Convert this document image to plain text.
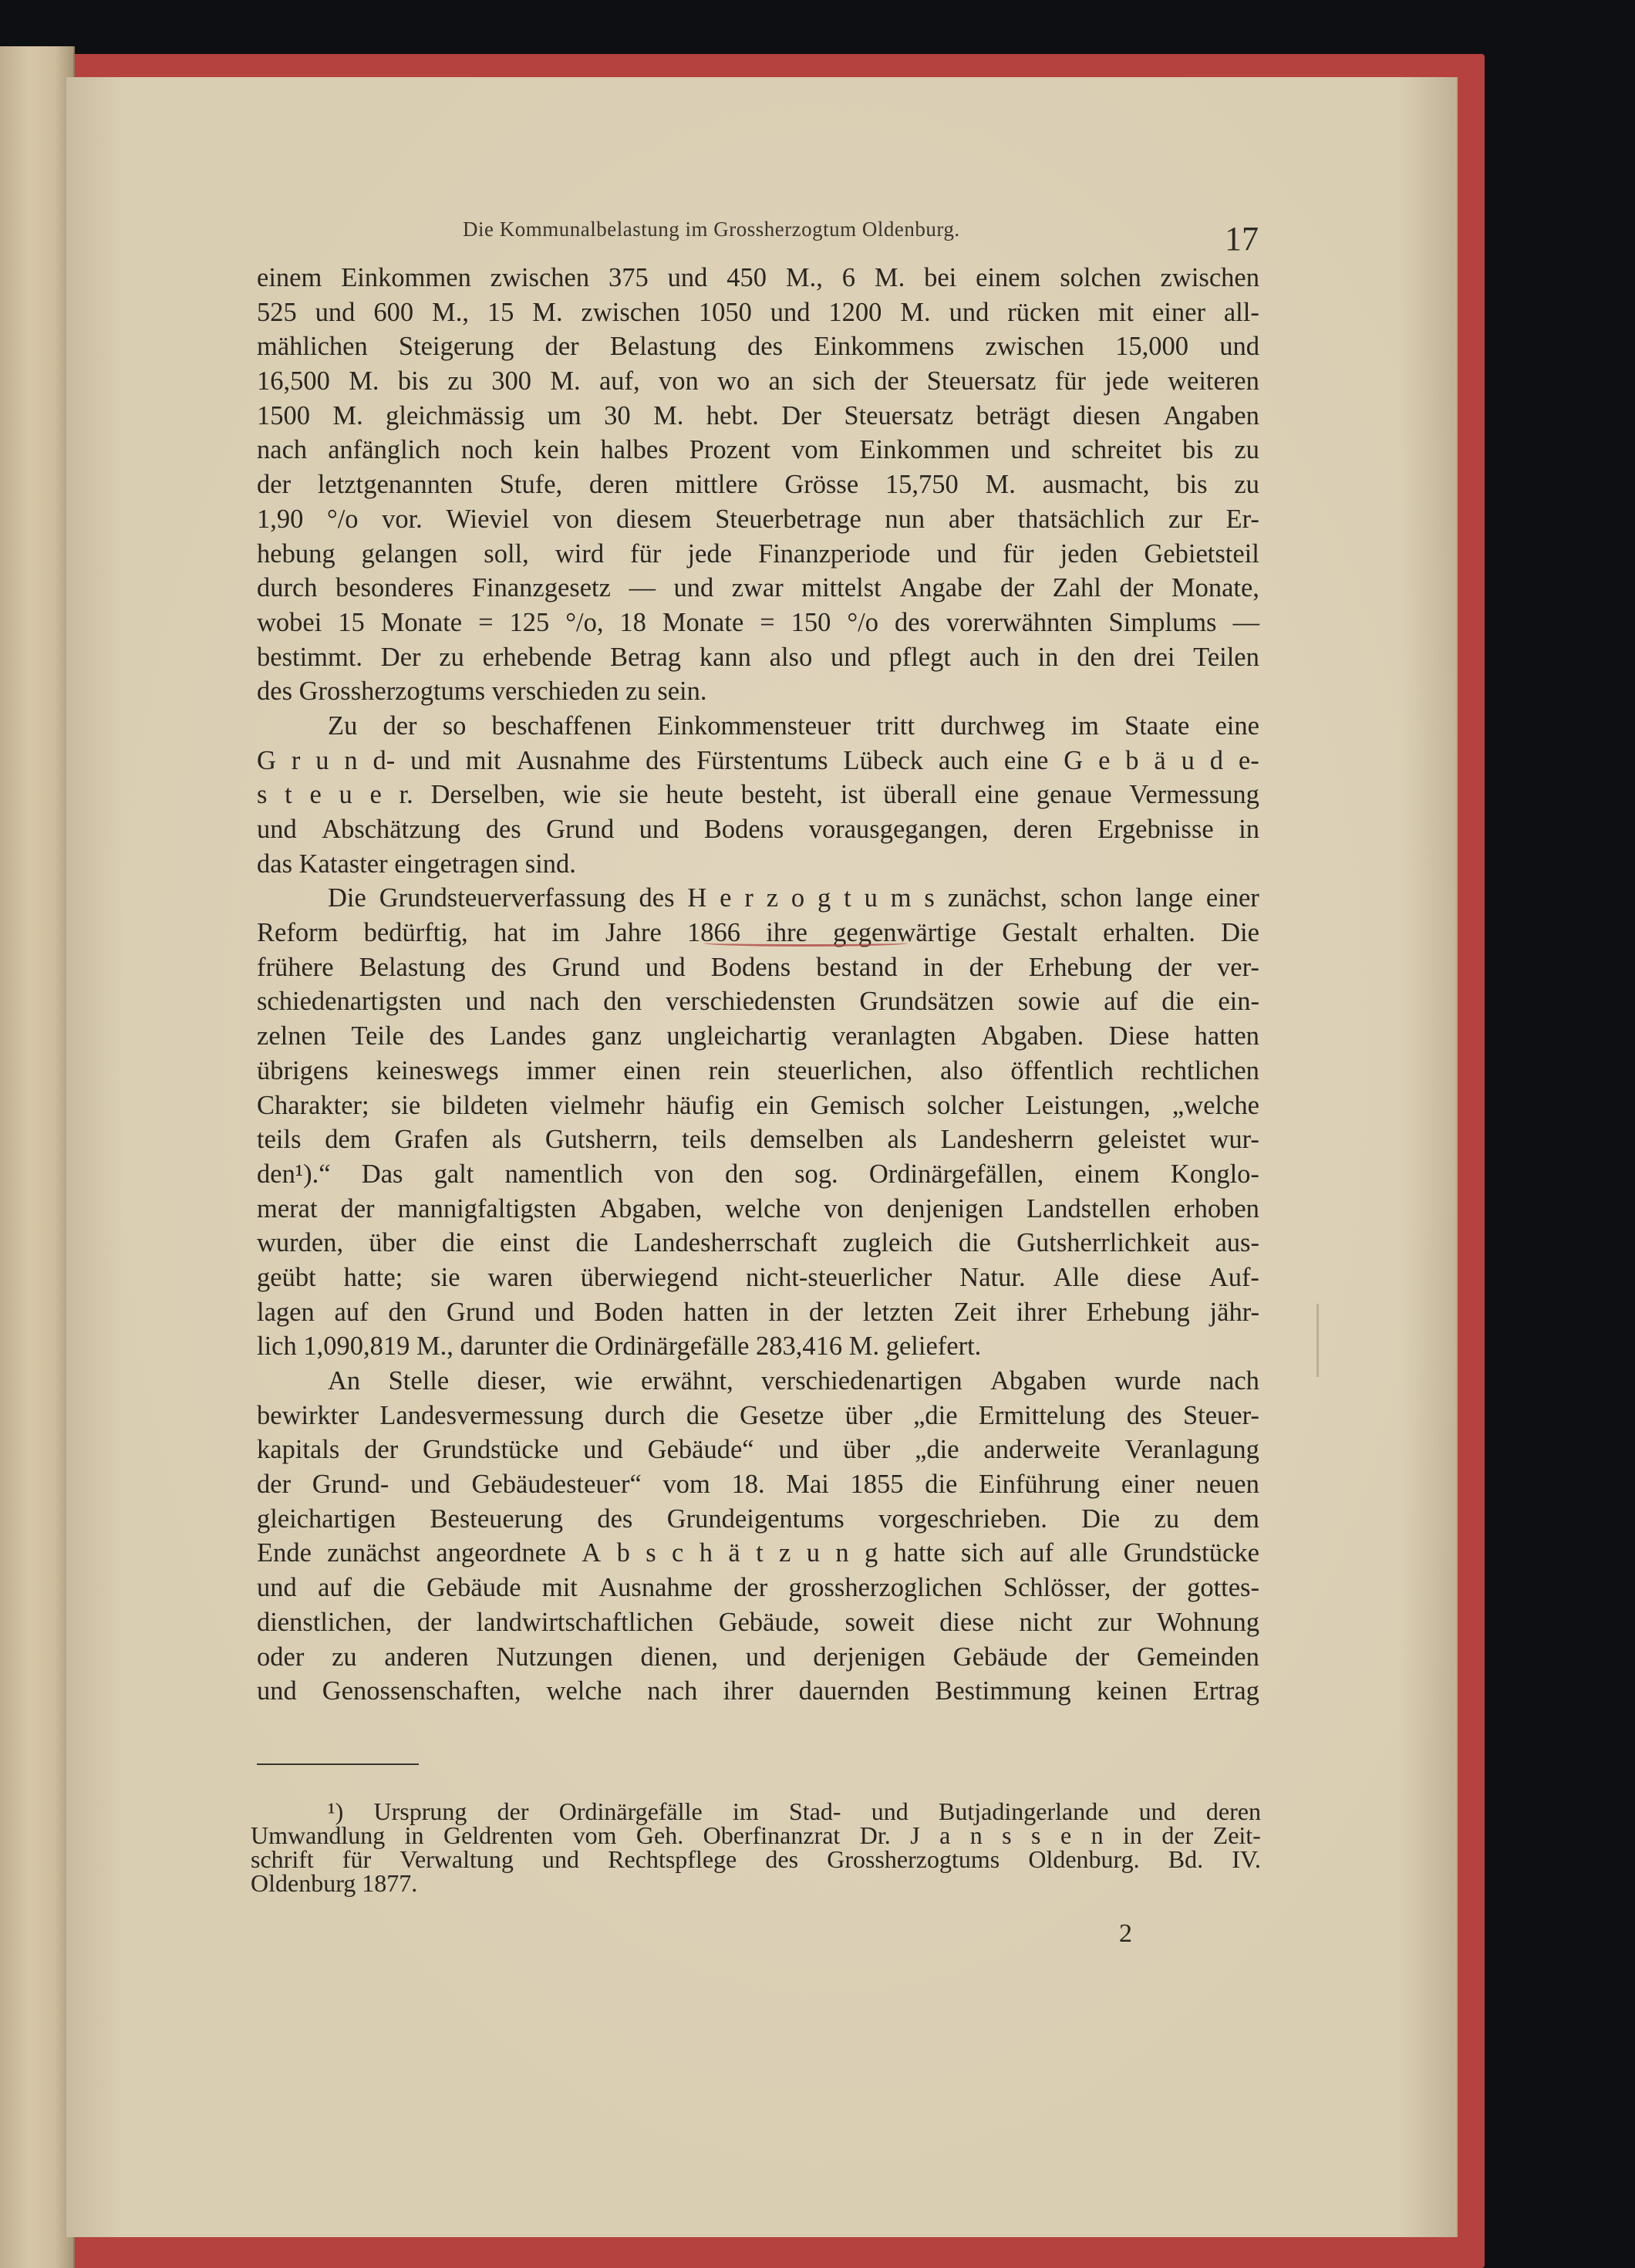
Die Kommunalbelastung im Grossherzogtum Oldenburg.	17
einem Einkommen zwischen 375 und 450 M., 6 M. bei einem solchen zwischen
525 und 600 M., 15 M. zwischen 1050 und 1200 M. und rücken mit einer all-
mählichen Steigerung der Belastung des Einkommens zwischen 15,000 und
16,500 M. bis zu 300 M. auf, von wo an sich der Steuersatz für jede weiteren
1500 M. gleichmässig um 30 M. hebt. Der Steuersatz beträgt diesen Angaben
nach anfänglich noch kein halbes Prozent vom Einkommen und schreitet bis zu
der letztgenannten Stufe, deren mittlere Grösse 15,750 M. ausmacht, bis zu
1,90 °/o vor. Wieviel von diesem Steuerbetrage nun aber thatsächlich zur Er-
hebung gelangen soll, wird für jede Finanzperiode und für jeden Gebietsteil
durch besonderes Finanzgesetz — und zwar mittelst Angabe der Zahl der Monate,
wobei 15 Monate = 125 °/o, 18 Monate = 150 °/o des vorerwähnten Simplums —
bestimmt. Der zu erhebende Betrag kann also und pflegt auch in den drei Teilen
des
Grossherzogtums
verschieden
zu
sein.

Zu der so beschaffenen Einkommensteuer tritt durchweg im Staate eine
G r u n d- und mit Ausnahme des Fürstentums Lübeck auch eine G e b ä u d e-
s t e u e r. Derselben, wie sie heute besteht, ist überall eine genaue Vermessung
und Abschätzung des Grund und Bodens vorausgegangen, deren Ergebnisse in
das
Kataster
eingetragen
sind.

Die Grundsteuerverfassung des H e r z o g t u m s zunächst, schon lange einer
Reform bedürftig, hat im Jahre 1866 ihre gegenwärtige Gestalt erhalten. Die
frühere Belastung des Grund und Bodens bestand in der Erhebung der ver-
schiedenartigsten und nach den verschiedensten Grundsätzen sowie auf die ein-
zelnen Teile des Landes ganz ungleichartig veranlagten Abgaben. Diese hatten
übrigens keineswegs immer einen rein steuerlichen, also öffentlich rechtlichen
Charakter; sie bildeten vielmehr häufig ein Gemisch solcher Leistungen, „welche
teils dem Grafen als Gutsherrn, teils demselben als Landesherrn geleistet wur-
den¹).“ Das galt namentlich von den sog. Ordinärgefällen, einem Konglo-
merat der mannigfaltigsten Abgaben, welche von denjenigen Landstellen erhoben
wurden, über die einst die Landesherrschaft zugleich die Gutsherrlichkeit aus-
geübt hatte; sie waren überwiegend nicht-steuerlicher Natur. Alle diese Auf-
lagen auf den Grund und Boden hatten in der letzten Zeit ihrer Erhebung jähr-
lich
1,090,819
M.,
darunter
die
Ordinärgefälle
283,416
M.
geliefert.

An Stelle dieser, wie erwähnt, verschiedenartigen Abgaben wurde nach
bewirkter Landesvermessung durch die Gesetze über „die Ermittelung des Steuer-
kapitals der Grundstücke und Gebäude“ und über „die anderweite Veranlagung
der Grund- und Gebäudesteuer“ vom 18. Mai 1855 die Einführung einer neuen
gleichartigen Besteuerung des Grundeigentums vorgeschrieben. Die zu dem
Ende zunächst angeordnete A b s c h ä t z u n g hatte sich auf alle Grundstücke
und auf die Gebäude mit Ausnahme der grossherzoglichen Schlösser, der gottes-
dienstlichen, der landwirtschaftlichen Gebäude, soweit diese nicht zur Wohnung
oder zu anderen Nutzungen dienen, und derjenigen Gebäude der Gemeinden
und Genossenschaften, welche nach ihrer dauernden Bestimmung keinen Ertrag
¹) Ursprung der Ordinärgefälle im Stad- und Butjadingerlande und deren
Umwandlung in Geldrenten vom Geh. Oberfinanzrat Dr. J a n s s e n in der Zeit-
schrift für Verwaltung und Rechtspflege des Grossherzogtums Oldenburg. Bd. IV.
Oldenburg
1877.

2
